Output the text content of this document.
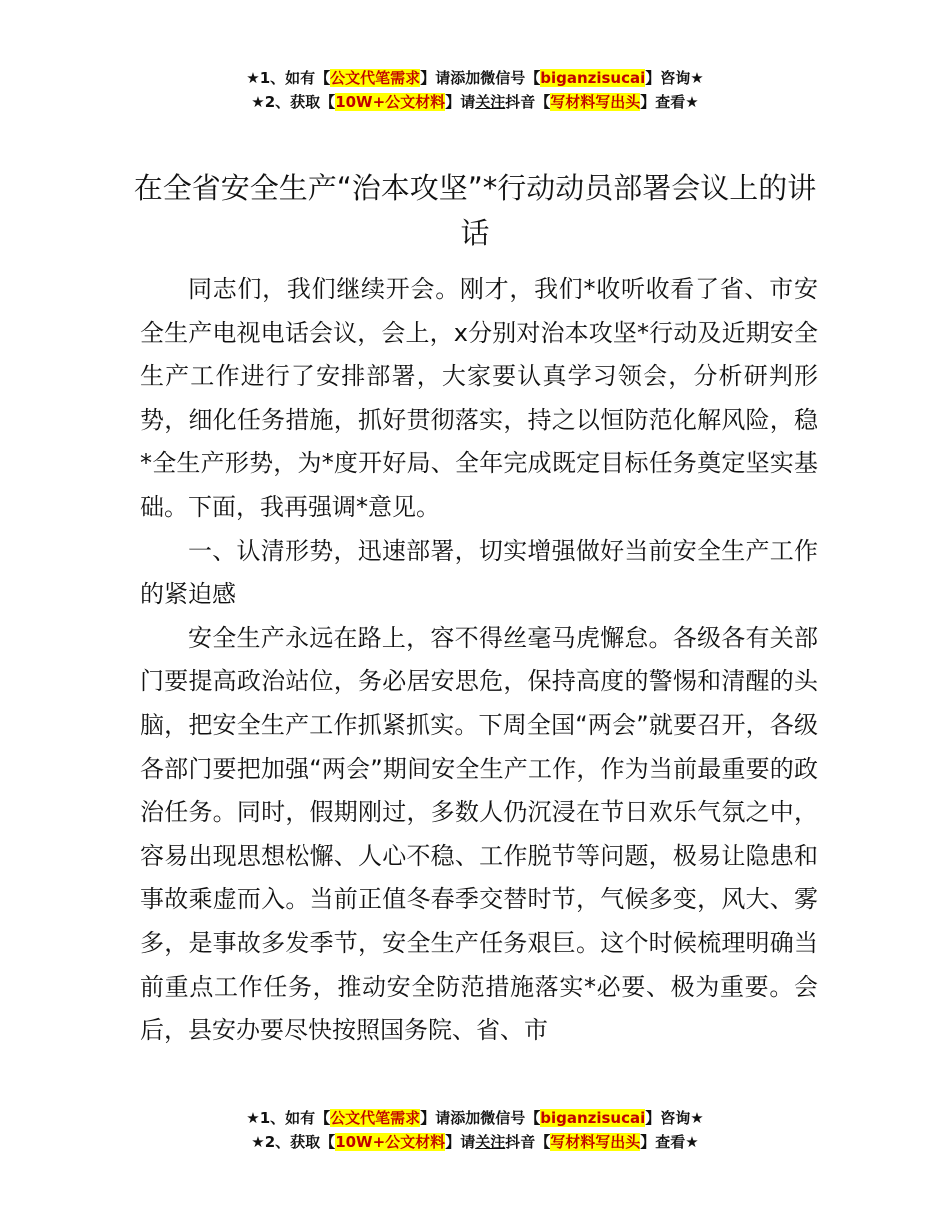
★1、如有【公文代笔需求】请添加微信号【biganzisucai】咨询★
★2、获取【10W+公文材料】请关注抖音【写材料写出头】查看★
在全省安全生产“治本攻坚”*行动动员部署会议上的讲话

同志们，我们继续开会。刚才，我们*收听收看了省、市安全生产电视电话会议，会上，x分别对治本攻坚*行动及近期安全生产工作进行了安排部署，大家要认真学习领会，分析研判形势，细化任务措施，抓好贯彻落实，持之以恒防范化解风险，稳*全生产形势，为*度开好局、全年完成既定目标任务奠定坚实基础。下面，我再强调*意见。

一、认清形势，迅速部署，切实增强做好当前安全生产工作的紧迫感

安全生产永远在路上，容不得丝毫马虎懈怠。各级各有关部门要提高政治站位，务必居安思危，保持高度的警惕和清醒的头脑，把安全生产工作抓紧抓实。下周全国“两会”就要召开，各级各部门要把加强“两会”期间安全生产工作，作为当前最重要的政治任务。同时，假期刚过，多数人仍沉浸在节日欢乐气氛之中，容易出现思想松懈、人心不稳、工作脱节等问题，极易让隐患和事故乘虚而入。当前正值冬春季交替时节，气候多变，风大、雾多，是事故多发季节，安全生产任务艰巨。这个时候梳理明确当前重点工作任务，推动安全防范措施落实*必要、极为重要。会后，县安办要尽快按照国务院、省、市

★1、如有【公文代笔需求】请添加微信号【biganzisucai】咨询★
★2、获取【10W+公文材料】请关注抖音【写材料写出头】查看★
